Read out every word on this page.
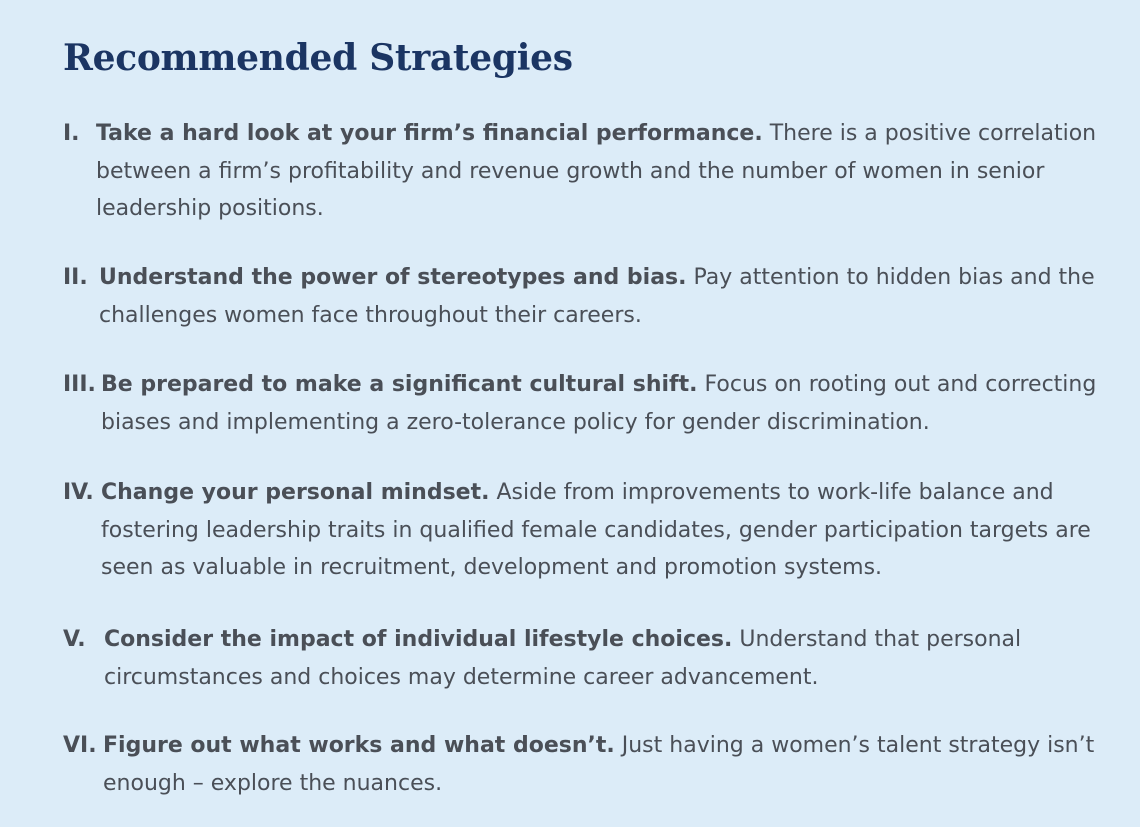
Recommended Strategies
I. Take a hard look at your firm’s financial performance. There is a positive correlation between a firm’s profitability and revenue growth and the number of women in senior leadership positions.
II. Understand the power of stereotypes and bias. Pay attention to hidden bias and the challenges women face throughout their careers.
III. Be prepared to make a significant cultural shift. Focus on rooting out and correcting biases and implementing a zero-tolerance policy for gender discrimination.
IV. Change your personal mindset. Aside from improvements to work-life balance and fostering leadership traits in qualified female candidates, gender participation targets are seen as valuable in recruitment, development and promotion systems.
V. Consider the impact of individual lifestyle choices. Understand that personal circumstances and choices may determine career advancement.
VI. Figure out what works and what doesn’t. Just having a women’s talent strategy isn’t enough – explore the nuances.
